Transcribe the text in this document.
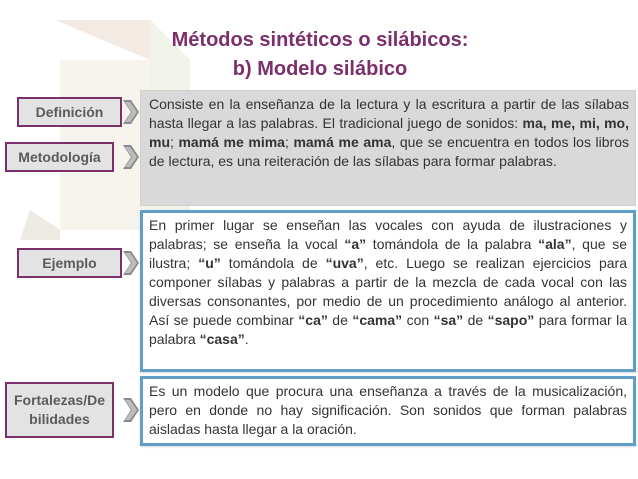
Métodos sintéticos o silábicos:
b) Modelo silábico
Definición
Metodología
Ejemplo
Fortalezas/De bilidades
Consiste en la enseñanza de la lectura y la escritura a partir de las sílabas hasta llegar a las palabras. El tradicional juego de sonidos: ma, me, mi, mo, mu; mamá me mima; mamá me ama, que se encuentra en todos los libros de lectura, es una reiteración de las sílabas para formar palabras.
En primer lugar se enseñan las vocales con ayuda de ilustraciones y palabras; se enseña la vocal “a” tomándola de la palabra “ala”, que se ilustra; “u” tomándola de “uva”, etc. Luego se realizan ejercicios para componer sílabas y palabras a partir de la mezcla de cada vocal con las diversas consonantes, por medio de un procedimiento análogo al anterior. Así se puede combinar “ca” de “cama” con “sa” de “sapo” para formar la palabra “casa”.
Es un modelo que procura una enseñanza a través de la musicalización, pero en donde no hay significación. Son sonidos que forman palabras aisladas hasta llegar a la oración.
